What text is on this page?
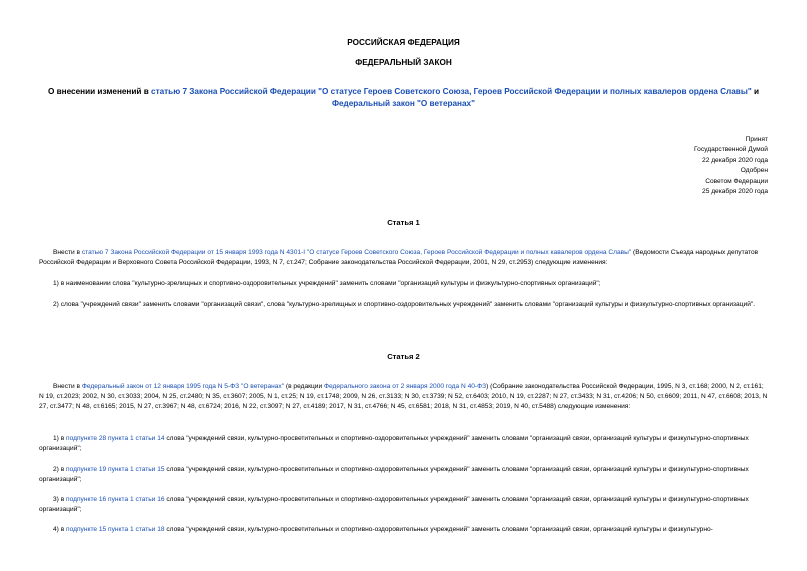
РОССИЙСКАЯ ФЕДЕРАЦИЯ
ФЕДЕРАЛЬНЫЙ ЗАКОН
О внесении изменений в статью 7 Закона Российской Федерации "О статусе Героев Советского Союза, Героев Российской Федерации и полных кавалеров ордена Славы" и Федеральный закон "О ветеранах"
Принят
Государственной Думой
22 декабря 2020 года
Одобрен
Советом Федерации
25 декабря 2020 года
Статья 1
Внести в статью 7 Закона Российской Федерации от 15 января 1993 года N 4301-I "О статусе Героев Советского Союза, Героев Российской Федерации и полных кавалеров ордена Славы" (Ведомости Съезда народных депутатов Российской Федерации и Верховного Совета Российской Федерации, 1993, N 7, ст.247; Собрание законодательства Российской Федерации, 2001, N 29, ст.2953) следующие изменения:
1) в наименовании слова "культурно-зрелищных и спортивно-оздоровительных учреждений" заменить словами "организаций культуры и физкультурно-спортивных организаций";
2) слова "учреждений связи" заменить словами "организаций связи", слова "культурно-зрелищных и спортивно-оздоровительных учреждений" заменить словами "организаций культуры и физкультурно-спортивных организаций".
Статья 2
Внести в Федеральный закон от 12 января 1995 года N 5-ФЗ "О ветеранах" (в редакции Федерального закона от 2 января 2000 года N 40-ФЗ) (Собрание законодательства Российской Федерации, 1995, N 3, ст.168; 2000, N 2, ст.161; N 19, ст.2023; 2002, N 30, ст.3033; 2004, N 25, ст.2480; N 35, ст.3607; 2005, N 1, ст.25; N 19, ст.1748; 2009, N 26, ст.3133; N 30, ст.3739; N 52, ст.6403; 2010, N 19, ст.2287; N 27, ст.3433; N 31, ст.4206; N 50, ст.6609; 2011, N 47, ст.6608; 2013, N 27, ст.3477; N 48, ст.6165; 2015, N 27, ст.3967; N 48, ст.6724; 2016, N 22, ст.3097; N 27, ст.4189; 2017, N 31, ст.4766; N 45, ст.6581; 2018, N 31, ст.4853; 2019, N 40, ст.5488) следующие изменения:
1) в подпункте 28 пункта 1 статьи 14 слова "учреждений связи, культурно-просветительных и спортивно-оздоровительных учреждений" заменить словами "организаций связи, организаций культуры и физкультурно-спортивных организаций";
2) в подпункте 19 пункта 1 статьи 15 слова "учреждений связи, культурно-просветительных и спортивно-оздоровительных учреждений" заменить словами "организаций связи, организаций культуры и физкультурно-спортивных организаций";
3) в подпункте 16 пункта 1 статьи 16 слова "учреждений связи, культурно-просветительных и спортивно-оздоровительных учреждений" заменить словами "организаций связи, организаций культуры и физкультурно-спортивных организаций";
4) в подпункте 15 пункта 1 статьи 18 слова "учреждений связи, культурно-просветительных и спортивно-оздоровительных учреждений" заменить словами "организаций связи, организаций культуры и физкультурно-
